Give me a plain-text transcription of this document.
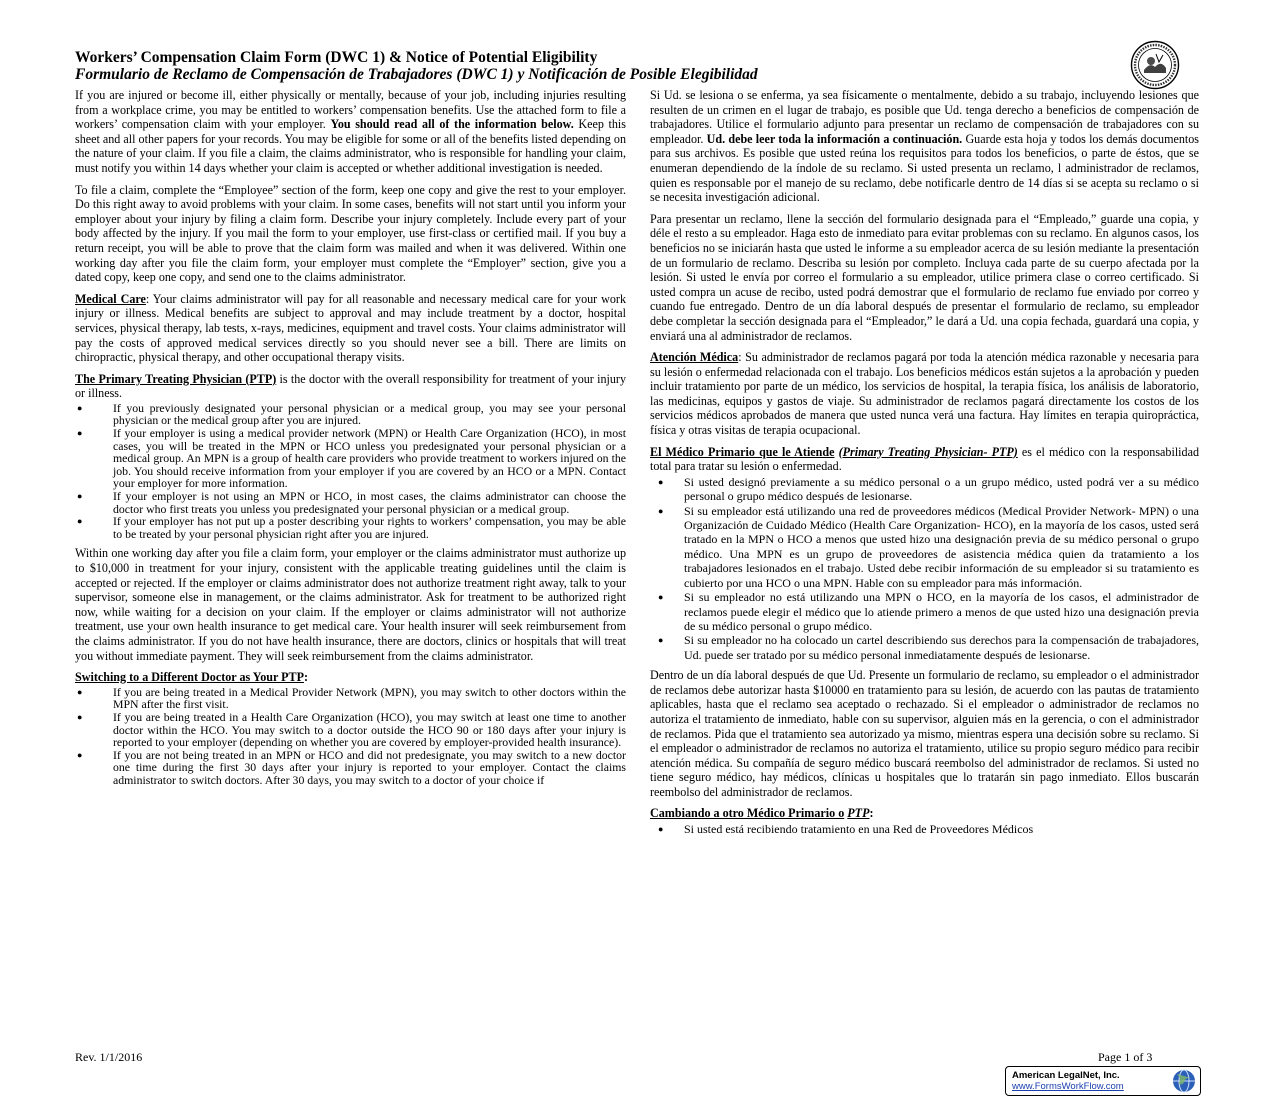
Workers’ Compensation Claim Form (DWC 1) & Notice of Potential Eligibility
Formulario de Reclamo de Compensación de Trabajadores (DWC 1) y Notificación de Posible Elegibilidad

If you are injured or become ill, either physically or mentally, because of your job, including injuries resulting from a workplace crime, you may be entitled to workers’ compensation benefits. Use the attached form to file a workers’ compensation claim with your employer. You should read all of the information below. Keep this sheet and all other papers for your records. You may be eligible for some or all of the benefits listed depending on the nature of your claim. If you file a claim, the claims administrator, who is responsible for handling your claim, must notify you within 14 days whether your claim is accepted or whether additional investigation is needed.

To file a claim, complete the “Employee” section of the form, keep one copy and give the rest to your employer. Do this right away to avoid problems with your claim. In some cases, benefits will not start until you inform your employer about your injury by filing a claim form. Describe your injury completely. Include every part of your body affected by the injury. If you mail the form to your employer, use first-class or certified mail. If you buy a return receipt, you will be able to prove that the claim form was mailed and when it was delivered. Within one working day after you file the claim form, your employer must complete the “Employer” section, give you a dated copy, keep one copy, and send one to the claims administrator.

Medical Care: Your claims administrator will pay for all reasonable and necessary medical care for your work injury or illness. Medical benefits are subject to approval and may include treatment by a doctor, hospital services, physical therapy, lab tests, x-rays, medicines, equipment and travel costs. Your claims administrator will pay the costs of approved medical services directly so you should never see a bill. There are limits on chiropractic, physical therapy, and other occupational therapy visits.

The Primary Treating Physician (PTP) is the doctor with the overall responsibility for treatment of your injury or illness.

● If you previously designated your personal physician or a medical group, you may see your personal physician or the medical group after you are injured.
● If your employer is using a medical provider network (MPN) or Health Care Organization (HCO), in most cases, you will be treated in the MPN or HCO unless you predesignated your personal physician or a medical group. An MPN is a group of health care providers who provide treatment to workers injured on the job. You should receive information from your employer if you are covered by an HCO or a MPN. Contact your employer for more information.
● If your employer is not using an MPN or HCO, in most cases, the claims administrator can choose the doctor who first treats you unless you predesignated your personal physician or a medical group.
● If your employer has not put up a poster describing your rights to workers’ compensation, you may be able to be treated by your personal physician right after you are injured.

Within one working day after you file a claim form, your employer or the claims administrator must authorize up to $10,000 in treatment for your injury, consistent with the applicable treating guidelines until the claim is accepted or rejected. If the employer or claims administrator does not authorize treatment right away, talk to your supervisor, someone else in management, or the claims administrator. Ask for treatment to be authorized right now, while waiting for a decision on your claim. If the employer or claims administrator will not authorize treatment, use your own health insurance to get medical care. Your health insurer will seek reimbursement from the claims administrator. If you do not have health insurance, there are doctors, clinics or hospitals that will treat you without immediate payment. They will seek reimbursement from the claims administrator.

Switching to a Different Doctor as Your PTP:

● If you are being treated in a Medical Provider Network (MPN), you may switch to other doctors within the MPN after the first visit.
● If you are being treated in a Health Care Organization (HCO), you may switch at least one time to another doctor within the HCO. You may switch to a doctor outside the HCO 90 or 180 days after your injury is reported to your employer (depending on whether you are covered by employer-provided health insurance).
● If you are not being treated in an MPN or HCO and did not predesignate, you may switch to a new doctor one time during the first 30 days after your injury is reported to your employer. Contact the claims administrator to switch doctors. After 30 days, you may switch to a doctor of your choice if

Si Ud. se lesiona o se enferma, ya sea físicamente o mentalmente, debido a su trabajo, incluyendo lesiones que resulten de un crimen en el lugar de trabajo, es posible que Ud. tenga derecho a beneficios de compensación de trabajadores. Utilice el formulario adjunto para presentar un reclamo de compensación de trabajadores con su empleador. Ud. debe leer toda la información a continuación. Guarde esta hoja y todos los demás documentos para sus archivos. Es posible que usted reúna los requisitos para todos los beneficios, o parte de éstos, que se enumeran dependiendo de la índole de su reclamo. Si usted presenta un reclamo, l administrador de reclamos, quien es responsable por el manejo de su reclamo, debe notificarle dentro de 14 días si se acepta su reclamo o si se necesita investigación adicional.

Para presentar un reclamo, llene la sección del formulario designada para el “Empleado,” guarde una copia, y déle el resto a su empleador. Haga esto de inmediato para evitar problemas con su reclamo. En algunos casos, los beneficios no se iniciarán hasta que usted le informe a su empleador acerca de su lesión mediante la presentación de un formulario de reclamo. Describa su lesión por completo. Incluya cada parte de su cuerpo afectada por la lesión. Si usted le envía por correo el formulario a su empleador, utilice primera clase o correo certificado. Si usted compra un acuse de recibo, usted podrá demostrar que el formulario de reclamo fue enviado por correo y cuando fue entregado. Dentro de un día laboral después de presentar el formulario de reclamo, su empleador debe completar la sección designada para el “Empleador,” le dará a Ud. una copia fechada, guardará una copia, y enviará una al administrador de reclamos.

Atención Médica: Su administrador de reclamos pagará por toda la atención médica razonable y necesaria para su lesión o enfermedad relacionada con el trabajo. Los beneficios médicos están sujetos a la aprobación y pueden incluir tratamiento por parte de un médico, los servicios de hospital, la terapia física, los análisis de laboratorio, las medicinas, equipos y gastos de viaje. Su administrador de reclamos pagará directamente los costos de los servicios médicos aprobados de manera que usted nunca verá una factura. Hay límites en terapia quiropráctica, física y otras visitas de terapia ocupacional.

El Médico Primario que le Atiende (Primary Treating Physician- PTP) es el médico con la responsabilidad total para tratar su lesión o enfermedad.

● Si usted designó previamente a su médico personal o a un grupo médico, usted podrá ver a su médico personal o grupo médico después de lesionarse.
● Si su empleador está utilizando una red de proveedores médicos (Medical Provider Network- MPN) o una Organización de Cuidado Médico (Health Care Organization- HCO), en la mayoría de los casos, usted será tratado en la MPN o HCO a menos que usted hizo una designación previa de su médico personal o grupo médico. Una MPN es un grupo de proveedores de asistencia médica quien da tratamiento a los trabajadores lesionados en el trabajo. Usted debe recibir información de su empleador si su tratamiento es cubierto por una HCO o una MPN. Hable con su empleador para más información.
● Si su empleador no está utilizando una MPN o HCO, en la mayoría de los casos, el administrador de reclamos puede elegir el médico que lo atiende primero a menos de que usted hizo una designación previa de su médico personal o grupo médico.
● Si su empleador no ha colocado un cartel describiendo sus derechos para la compensación de trabajadores, Ud. puede ser tratado por su médico personal inmediatamente después de lesionarse.

Dentro de un día laboral después de que Ud. Presente un formulario de reclamo, su empleador o el administrador de reclamos debe autorizar hasta $10000 en tratamiento para su lesión, de acuerdo con las pautas de tratamiento aplicables, hasta que el reclamo sea aceptado o rechazado. Si el empleador o administrador de reclamos no autoriza el tratamiento de inmediato, hable con su supervisor, alguien más en la gerencia, o con el administrador de reclamos. Pida que el tratamiento sea autorizado ya mismo, mientras espera una decisión sobre su reclamo. Si el empleador o administrador de reclamos no autoriza el tratamiento, utilice su propio seguro médico para recibir atención médica. Su compañía de seguro médico buscará reembolso del administrador de reclamos. Si usted no tiene seguro médico, hay médicos, clínicas u hospitales que lo tratarán sin pago inmediato. Ellos buscarán reembolso del administrador de reclamos.

Cambiando a otro Médico Primario o PTP:

● Si usted está recibiendo tratamiento en una Red de Proveedores Médicos
Rev. 1/1/2016	Page 1 of 3
American LegalNet, Inc.
www.FormsWorkFlow.com
